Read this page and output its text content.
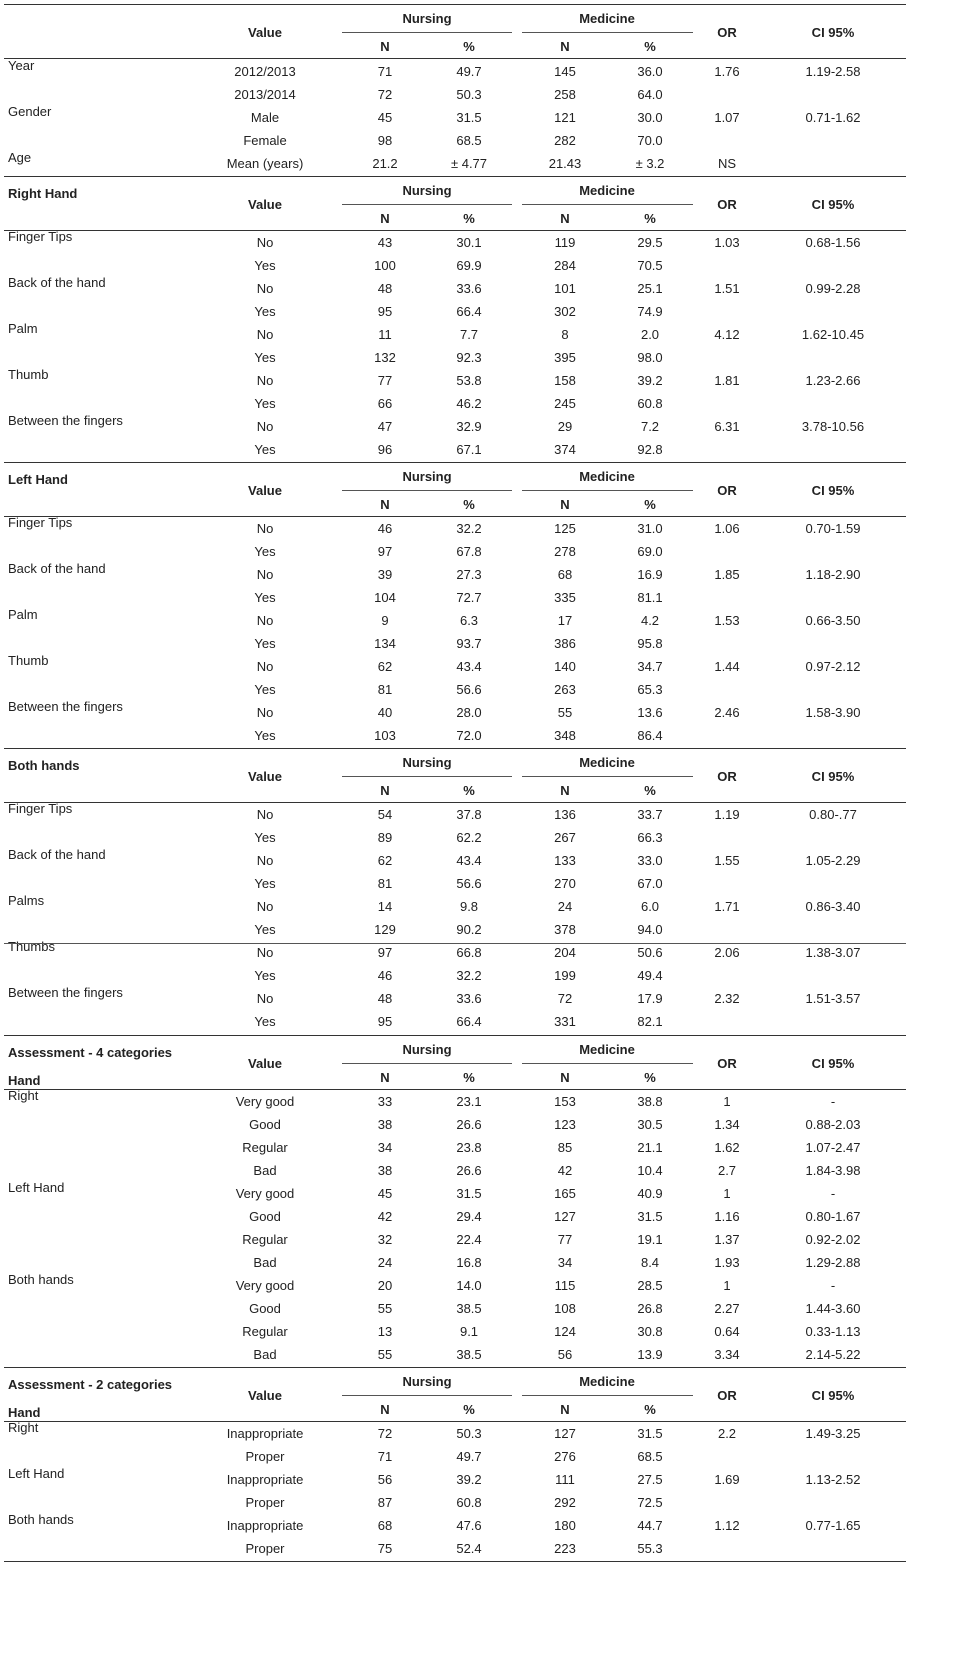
Value
Nursing	Medicine
N	%	N	%
OR	CI 95%
Year	2012/2013	71	49.7	145	36.0	1.76	1.19-2.58
2013/2014	72	50.3	258	64.0
Gender	Male	45	31.5	121	30.0	1.07	0.71-1.62
Female	98	68.5	282	70.0
Age	Mean (years)	21.2	± 4.77	21.43	± 3.2	NS
Right Hand
Value
Nursing	Medicine
N	%	N	%
OR	CI 95%
Finger Tips	No	43	30.1	119	29.5	1.03	0.68-1.56
Yes	100	69.9	284	70.5
Back of the hand	No	48	33.6	101	25.1	1.51	0.99-2.28
Yes	95	66.4	302	74.9
Palm	No	11	7.7	8	2.0	4.12	1.62-10.45
Yes	132	92.3	395	98.0
Thumb	No	77	53.8	158	39.2	1.81	1.23-2.66
Yes	66	46.2	245	60.8
Between the fingers	No	47	32.9	29	7.2	6.31	3.78-10.56
Yes	96	67.1	374	92.8
Left Hand
Value
Nursing	Medicine
N	%	N	%
OR	CI 95%
Finger Tips	No	46	32.2	125	31.0	1.06	0.70-1.59
Yes	97	67.8	278	69.0
Back of the hand	No	39	27.3	68	16.9	1.85	1.18-2.90
Yes	104	72.7	335	81.1
Palm	No	9	6.3	17	4.2	1.53	0.66-3.50
Yes	134	93.7	386	95.8
Thumb	No	62	43.4	140	34.7	1.44	0.97-2.12
Yes	81	56.6	263	65.3
Between the fingers	No	40	28.0	55	13.6	2.46	1.58-3.90
Yes	103	72.0	348	86.4
Both hands
Value
Nursing	Medicine
N	%	N	%
OR	CI 95%
Finger Tips	No	54	37.8	136	33.7	1.19	0.80-.77
Yes	89	62.2	267	66.3
Back of the hand	No	62	43.4	133	33.0	1.55	1.05-2.29
Yes	81	56.6	270	67.0
Palms	No	14	9.8	24	6.0	1.71	0.86-3.40
Yes	129	90.2	378	94.0
Thumbs	No	97	66.8	204	50.6	2.06	1.38-3.07
Yes	46	32.2	199	49.4
Between the fingers	No	48	33.6	72	17.9	2.32	1.51-3.57
Yes	95	66.4	331	82.1
Assessment - 4 categories
Hand
Value
Nursing	Medicine
N	%	N	%
OR	CI 95%
Right	Very good	33	23.1	153	38.8	1	-
Good	38	26.6	123	30.5	1.34	0.88-2.03
Regular	34	23.8	85	21.1	1.62	1.07-2.47
Bad	38	26.6	42	10.4	2.7	1.84-3.98
Left Hand	Very good	45	31.5	165	40.9	1	-
Good	42	29.4	127	31.5	1.16	0.80-1.67
Regular	32	22.4	77	19.1	1.37	0.92-2.02
Bad	24	16.8	34	8.4	1.93	1.29-2.88
Both hands	Very good	20	14.0	115	28.5	1	-
Good	55	38.5	108	26.8	2.27	1.44-3.60
Regular	13	9.1	124	30.8	0.64	0.33-1.13
Bad	55	38.5	56	13.9	3.34	2.14-5.22
Assessment - 2 categories
Hand
Value
Nursing	Medicine
N	%	N	%
OR	CI 95%
Right	Inappropriate	72	50.3	127	31.5	2.2	1.49-3.25
Proper	71	49.7	276	68.5
Left Hand	Inappropriate	56	39.2	111	27.5	1.69	1.13-2.52
Proper	87	60.8	292	72.5
Both hands	Inappropriate	68	47.6	180	44.7	1.12	0.77-1.65
Proper	75	52.4	223	55.3
